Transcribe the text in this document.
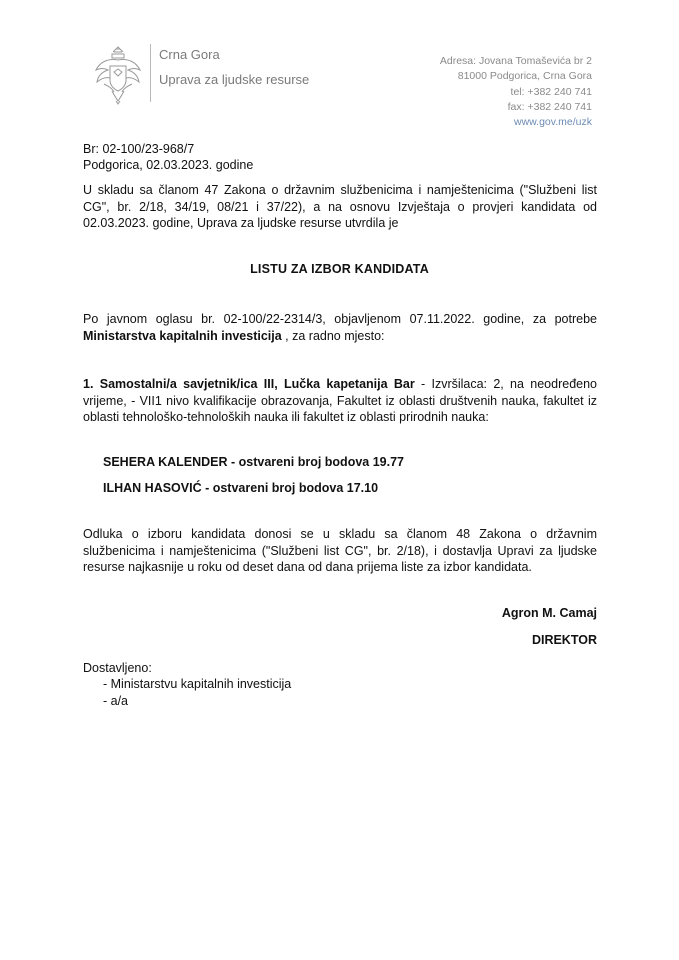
Crna Gora
Uprava za ljudske resurse
Adresa: Jovana Tomaševića br 2
81000 Podgorica, Crna Gora
tel: +382 240 741
fax: +382 240 741
www.gov.me/uzk
Br: 02-100/23-968/7
Podgorica, 02.03.2023. godine
U skladu sa članom 47 Zakona o državnim službenicima i namještenicima ("Službeni list CG", br. 2/18, 34/19, 08/21 i 37/22), a na osnovu Izvještaja o provjeri kandidata od 02.03.2023. godine, Uprava za ljudske resurse utvrdila je
LISTU ZA IZBOR KANDIDATA
Po javnom oglasu br. 02-100/22-2314/3, objavljenom 07.11.2022. godine, za potrebe Ministarstva kapitalnih investicija , za radno mjesto:
1. Samostalni/a savjetnik/ica III, Lučka kapetanija Bar - Izvršilaca: 2, na neodređeno vrijeme, - VII1 nivo kvalifikacije obrazovanja, Fakultet iz oblasti društvenih nauka, fakultet iz oblasti tehnološko-tehnoloških nauka ili fakultet iz oblasti prirodnih nauka:
SEHERA KALENDER - ostvareni broj bodova 19.77
ILHAN HASOVIĆ - ostvareni broj bodova 17.10
Odluka o izboru kandidata donosi se u skladu sa članom 48 Zakona o državnim službenicima i namještenicima ("Službeni list CG", br. 2/18), i dostavlja Upravi za ljudske resurse najkasnije u roku od deset dana od dana prijema liste za izbor kandidata.
Agron M. Camaj
DIREKTOR
Dostavljeno:
- Ministarstvu kapitalnih investicija
- a/a
